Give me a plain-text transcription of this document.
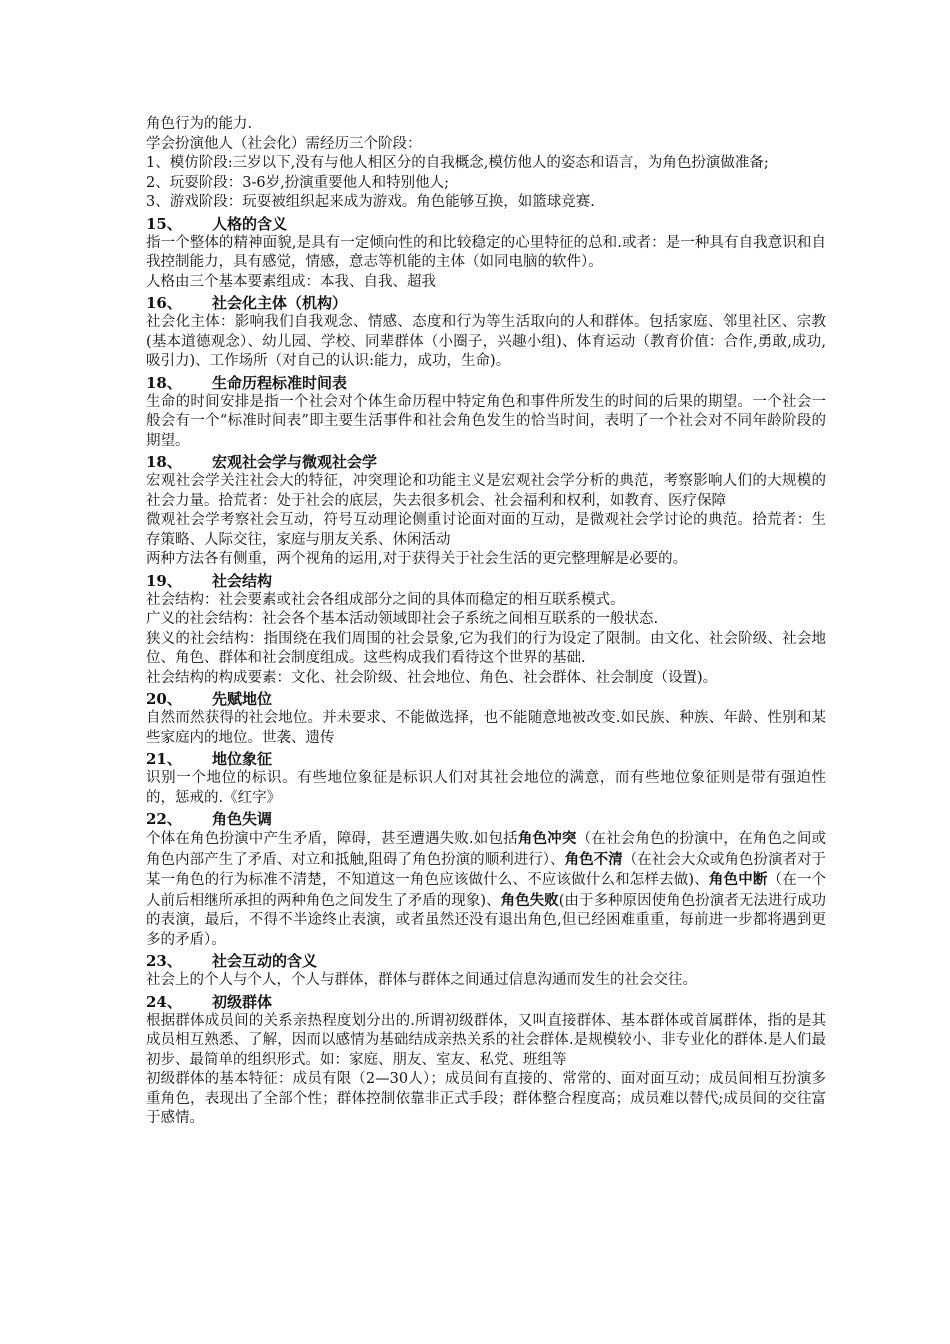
角色行为的能力.

学会扮演他人（社会化）需经历三个阶段：

1、模仿阶段:三岁以下,没有与他人相区分的自我概念,模仿他人的姿态和语言，为角色扮演做准备;

2、玩耍阶段：3-6岁,扮演重要他人和特别他人;

3、游戏阶段：玩耍被组织起来成为游戏。角色能够互换，如篮球竞赛.

15、	人格的含义

指一个整体的精神面貌,是具有一定倾向性的和比较稳定的心里特征的总和.或者：是一种具有自我意识和自我控制能力，具有感觉，情感，意志等机能的主体（如同电脑的软件）。

人格由三个基本要素组成：本我、自我、超我

16、	社会化主体（机构）

社会化主体：影响我们自我观念、情感、态度和行为等生活取向的人和群体。包括家庭、邻里社区、宗教(基本道德观念）、幼儿园、学校、同辈群体（小圈子，兴趣小组)、体育运动（教育价值：合作,勇敢,成功,吸引力)、工作场所（对自己的认识:能力，成功，生命)。

18、	生命历程标准时间表

生命的时间安排是指一个社会对个体生命历程中特定角色和事件所发生的时间的后果的期望。一个社会一般会有一个“标准时间表”即主要生活事件和社会角色发生的恰当时间，表明了一个社会对不同年龄阶段的期望。

18、	宏观社会学与微观社会学

宏观社会学关注社会大的特征，冲突理论和功能主义是宏观社会学分析的典范，考察影响人们的大规模的社会力量。拾荒者：处于社会的底层，失去很多机会、社会福利和权利，如教育、医疗保障

微观社会学考察社会互动，符号互动理论侧重讨论面对面的互动，是微观社会学讨论的典范。拾荒者：生存策略、人际交往，家庭与朋友关系、休闲活动

两种方法各有侧重，两个视角的运用,对于获得关于社会生活的更完整理解是必要的。

19、	社会结构

社会结构：社会要素或社会各组成部分之间的具体而稳定的相互联系模式。

广义的社会结构：社会各个基本活动领域即社会子系统之间相互联系的一般状态.

狭义的社会结构：指围绕在我们周围的社会景象,它为我们的行为设定了限制。由文化、社会阶级、社会地位、角色、群体和社会制度组成。这些构成我们看待这个世界的基础.

社会结构的构成要素：文化、社会阶级、社会地位、角色、社会群体、社会制度（设置)。

20、	先赋地位

自然而然获得的社会地位。并未要求、不能做选择，也不能随意地被改变.如民族、种族、年龄、性别和某些家庭内的地位。世袭、遗传

21、	地位象征

识别一个地位的标识。有些地位象征是标识人们对其社会地位的满意，而有些地位象征则是带有强迫性的，惩戒的.《红字》

22、	角色失调

个体在角色扮演中产生矛盾，障碍，甚至遭遇失败.如包括角色冲突（在社会角色的扮演中，在角色之间或角色内部产生了矛盾、对立和抵触,阻碍了角色扮演的顺利进行）、角色不清（在社会大众或角色扮演者对于某一角色的行为标准不清楚，不知道这一角色应该做什么、不应该做什么和怎样去做)、角色中断（在一个人前后相继所承担的两种角色之间发生了矛盾的现象)、角色失败(由于多种原因使角色扮演者无法进行成功的表演，最后，不得不半途终止表演，或者虽然还没有退出角色,但已经困难重重，每前进一步都将遇到更多的矛盾）。

23、	社会互动的含义

社会上的个人与个人，个人与群体，群体与群体之间通过信息沟通而发生的社会交往。

24、	初级群体

根据群体成员间的关系亲热程度划分出的.所谓初级群体，又叫直接群体、基本群体或首属群体，指的是其成员相互熟悉、了解，因而以感情为基础结成亲热关系的社会群体.是规模较小、非专业化的群体.是人们最初步、最简单的组织形式。如：家庭、朋友、室友、私党、班组等

初级群体的基本特征：成员有限（2—30人）；成员间有直接的、常常的、面对面互动；成员间相互扮演多重角色，表现出了全部个性；群体控制依靠非正式手段；群体整合程度高；成员难以替代;成员间的交往富于感情。
